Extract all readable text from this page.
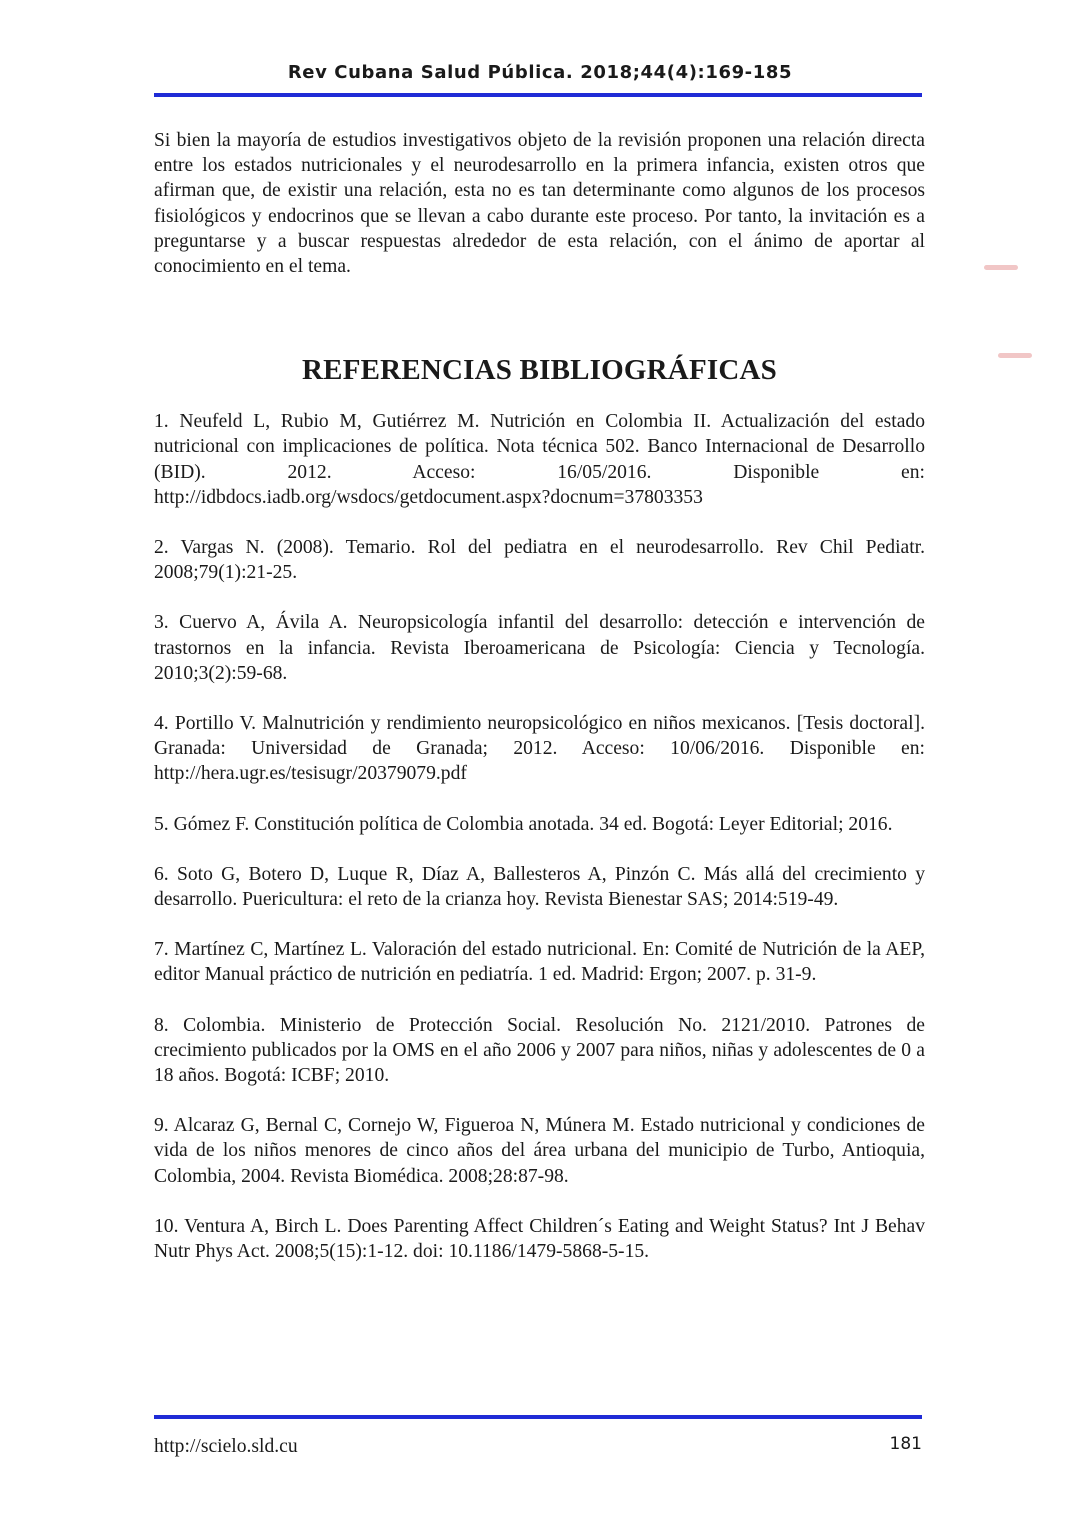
Rev Cubana Salud Pública. 2018;44(4):169-185

Si bien la mayoría de estudios investigativos objeto de la revisión proponen una relación directa entre los estados nutricionales y el neurodesarrollo en la primera infancia, existen otros que afirman que, de existir una relación, esta no es tan determinante como algunos de los procesos fisiológicos y endocrinos que se llevan a cabo durante este proceso. Por tanto, la invitación es a preguntarse y a buscar respuestas alrededor de esta relación, con el ánimo de aportar al conocimiento en el tema.

REFERENCIAS BIBLIOGRÁFICAS
1. Neufeld L, Rubio M, Gutiérrez M. Nutrición en Colombia II. Actualización del estado nutricional con implicaciones de política. Nota técnica 502. Banco Internacional de Desarrollo (BID). 2012. Acceso: 16/05/2016. Disponible en: http://idbdocs.iadb.org/wsdocs/getdocument.aspx?docnum=37803353
2. Vargas N. (2008). Temario. Rol del pediatra en el neurodesarrollo. Rev Chil Pediatr. 2008;79(1):21-25.
3. Cuervo A, Ávila A. Neuropsicología infantil del desarrollo: detección e intervención de trastornos en la infancia. Revista Iberoamericana de Psicología: Ciencia y Tecnología. 2010;3(2):59-68.
4. Portillo V. Malnutrición y rendimiento neuropsicológico en niños mexicanos. [Tesis doctoral]. Granada: Universidad de Granada; 2012. Acceso: 10/06/2016. Disponible en: http://hera.ugr.es/tesisugr/20379079.pdf
5. Gómez F. Constitución política de Colombia anotada. 34 ed. Bogotá: Leyer Editorial; 2016.
6. Soto G, Botero D, Luque R, Díaz A, Ballesteros A, Pinzón C. Más allá del crecimiento y desarrollo. Puericultura: el reto de la crianza hoy. Revista Bienestar SAS; 2014:519-49.
7. Martínez C, Martínez L. Valoración del estado nutricional. En: Comité de Nutrición de la AEP, editor Manual práctico de nutrición en pediatría. 1 ed. Madrid: Ergon; 2007. p. 31-9.
8. Colombia. Ministerio de Protección Social. Resolución No. 2121/2010. Patrones de crecimiento publicados por la OMS en el año 2006 y 2007 para niños, niñas y adolescentes de 0 a 18 años. Bogotá: ICBF; 2010.
9. Alcaraz G, Bernal C, Cornejo W, Figueroa N, Múnera M. Estado nutricional y condiciones de vida de los niños menores de cinco años del área urbana del municipio de Turbo, Antioquia, Colombia, 2004. Revista Biomédica. 2008;28:87-98.
10. Ventura A, Birch L. Does Parenting Affect Children´s Eating and Weight Status? Int J Behav Nutr Phys Act. 2008;5(15):1-12. doi: 10.1186/1479-5868-5-15.
http://scielo.sld.cu	181
